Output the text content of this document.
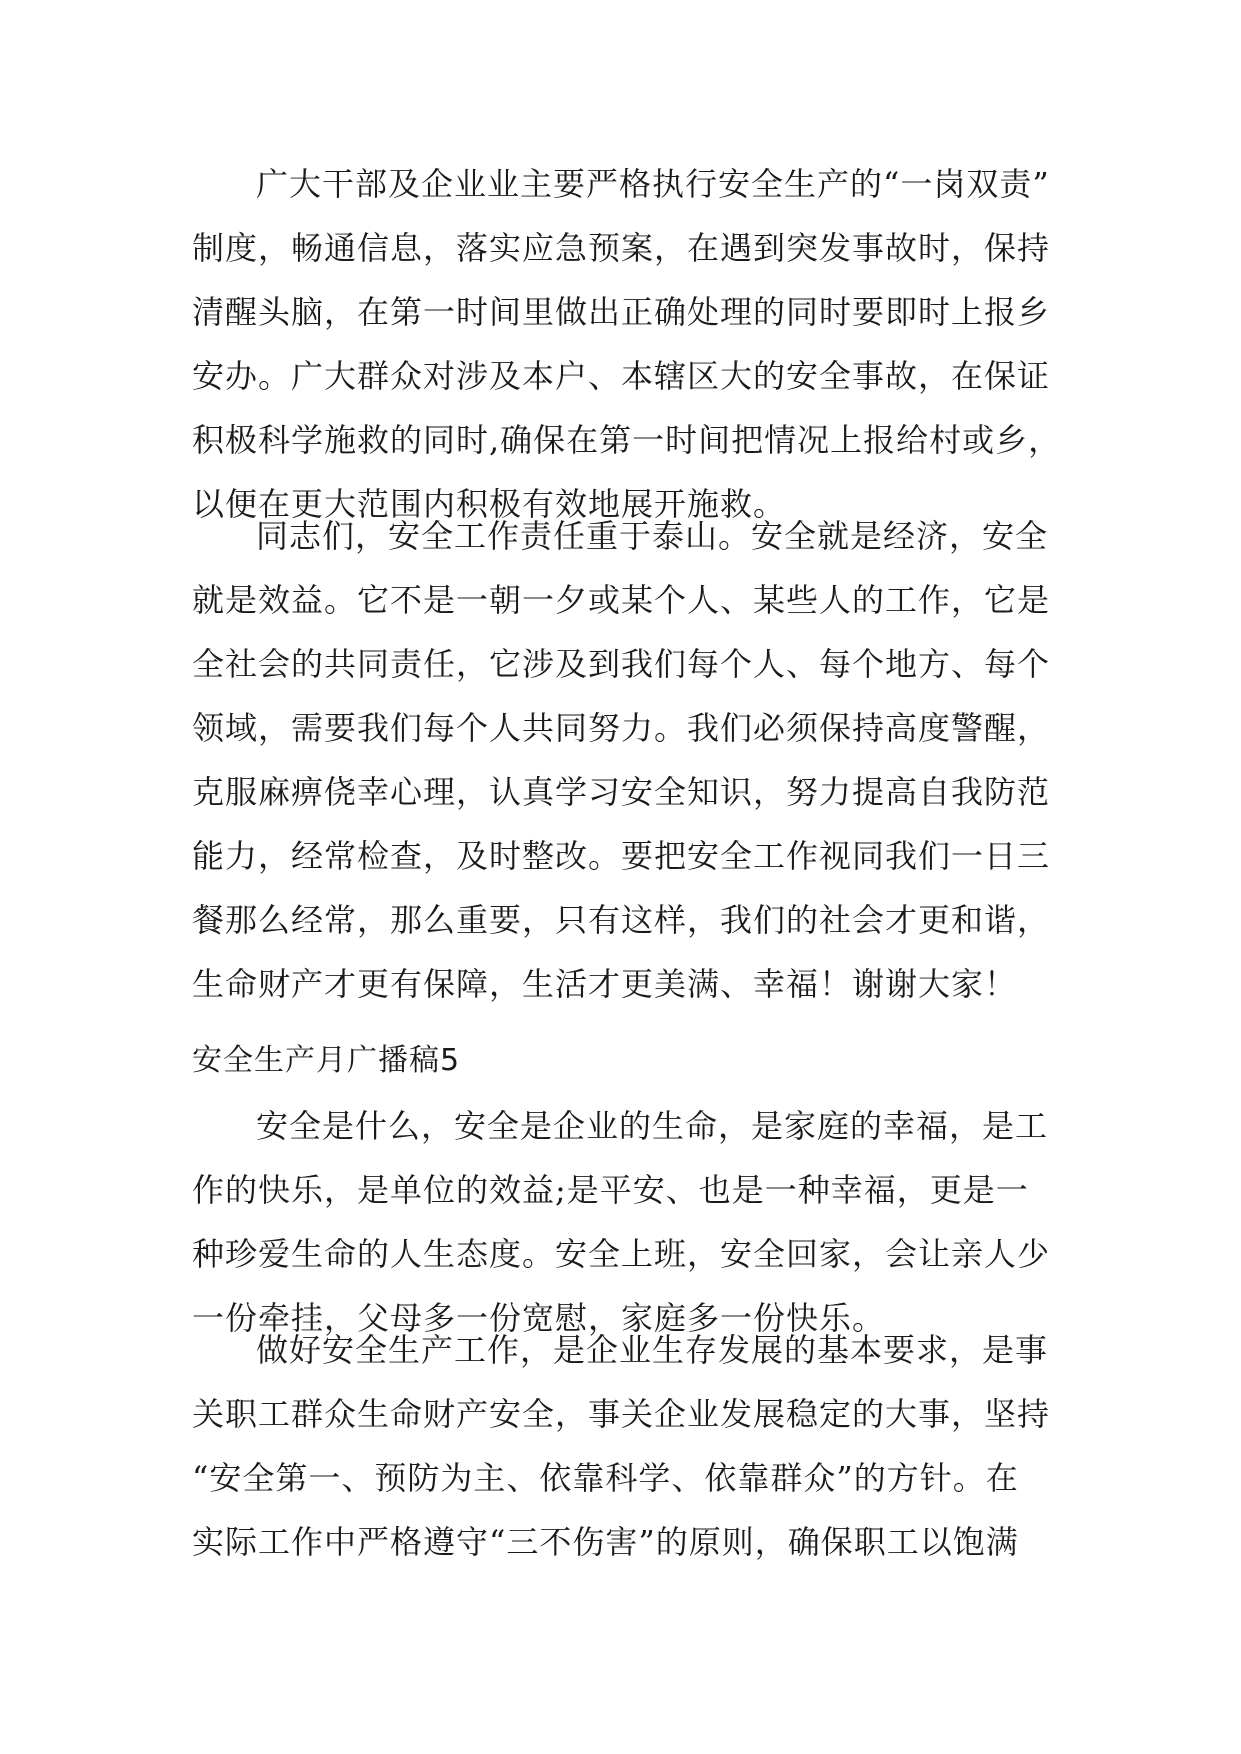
广大干部及企业业主要严格执行安全生产的“一岗双责”
制度，畅通信息，落实应急预案，在遇到突发事故时，保持
清醒头脑，在第一时间里做出正确处理的同时要即时上报乡
安办。广大群众对涉及本户、本辖区大的安全事故，在保证
积极科学施救的同时,确保在第一时间把情况上报给村或乡，
以便在更大范围内积极有效地展开施救。
同志们，安全工作责任重于泰山。安全就是经济，安全
就是效益。它不是一朝一夕或某个人、某些人的工作，它是
全社会的共同责任，它涉及到我们每个人、每个地方、每个
领域，需要我们每个人共同努力。我们必须保持高度警醒，
克服麻痹侥幸心理，认真学习安全知识，努力提高自我防范
能力，经常检查，及时整改。要把安全工作视同我们一日三
餐那么经常，那么重要，只有这样，我们的社会才更和谐，
生命财产才更有保障，生活才更美满、幸福！谢谢大家！
安全生产月广播稿5
安全是什么，安全是企业的生命，是家庭的幸福，是工
作的快乐，是单位的效益;是平安、也是一种幸福，更是一
种珍爱生命的人生态度。安全上班，安全回家，会让亲人少
一份牵挂，父母多一份宽慰，家庭多一份快乐。
做好安全生产工作，是企业生存发展的基本要求，是事
关职工群众生命财产安全，事关企业发展稳定的大事，坚持
“安全第一、预防为主、依靠科学、依靠群众”的方针。在
实际工作中严格遵守“三不伤害”的原则，确保职工以饱满
